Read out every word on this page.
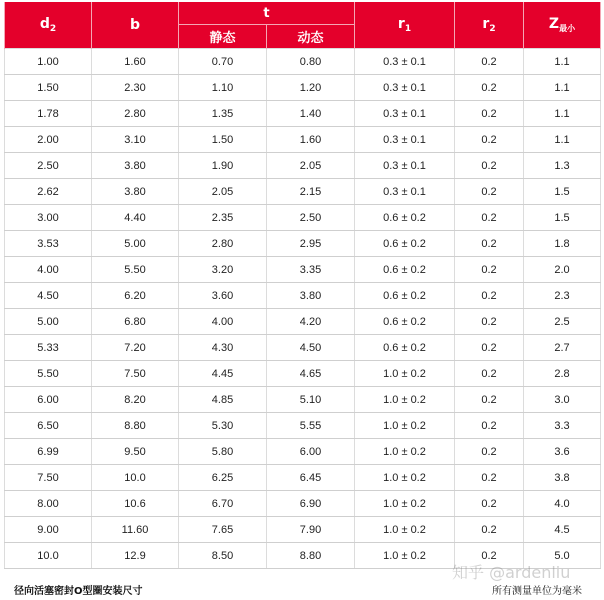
$d_2$	b	t		$r_1$	$r_2$	$Z_{最小}$
		静态	动态			
1.00	1.60	0.70	0.80	0.3 ± 0.1	0.2	1.1
1.50	2.30	1.10	1.20	0.3 ± 0.1	0.2	1.1
1.78	2.80	1.35	1.40	0.3 ± 0.1	0.2	1.1
2.00	3.10	1.50	1.60	0.3 ± 0.1	0.2	1.1
2.50	3.80	1.90	2.05	0.3 ± 0.1	0.2	1.3
2.62	3.80	2.05	2.15	0.3 ± 0.1	0.2	1.5
3.00	4.40	2.35	2.50	0.6 ± 0.2	0.2	1.5
3.53	5.00	2.80	2.95	0.6 ± 0.2	0.2	1.8
4.00	5.50	3.20	3.35	0.6 ± 0.2	0.2	2.0
4.50	6.20	3.60	3.80	0.6 ± 0.2	0.2	2.3
5.00	6.80	4.00	4.20	0.6 ± 0.2	0.2	2.5
5.33	7.20	4.30	4.50	0.6 ± 0.2	0.2	2.7
5.50	7.50	4.45	4.65	1.0 ± 0.2	0.2	2.8
6.00	8.20	4.85	5.10	1.0 ± 0.2	0.2	3.0
6.50	8.80	5.30	5.55	1.0 ± 0.2	0.2	3.3
6.99	9.50	5.80	6.00	1.0 ± 0.2	0.2	3.6
7.50	10.0	6.25	6.45	1.0 ± 0.2	0.2	3.8
8.00	10.6	6.70	6.90	1.0 ± 0.2	0.2	4.0
9.00	11.60	7.65	7.90	1.0 ± 0.2	0.2	4.5
10.0	12.9	8.50	8.80	1.0 ± 0.2	0.2	5.0
径向活塞密封O型圈安装尺寸	所有测量单位为毫米
知乎 @ardenliu
